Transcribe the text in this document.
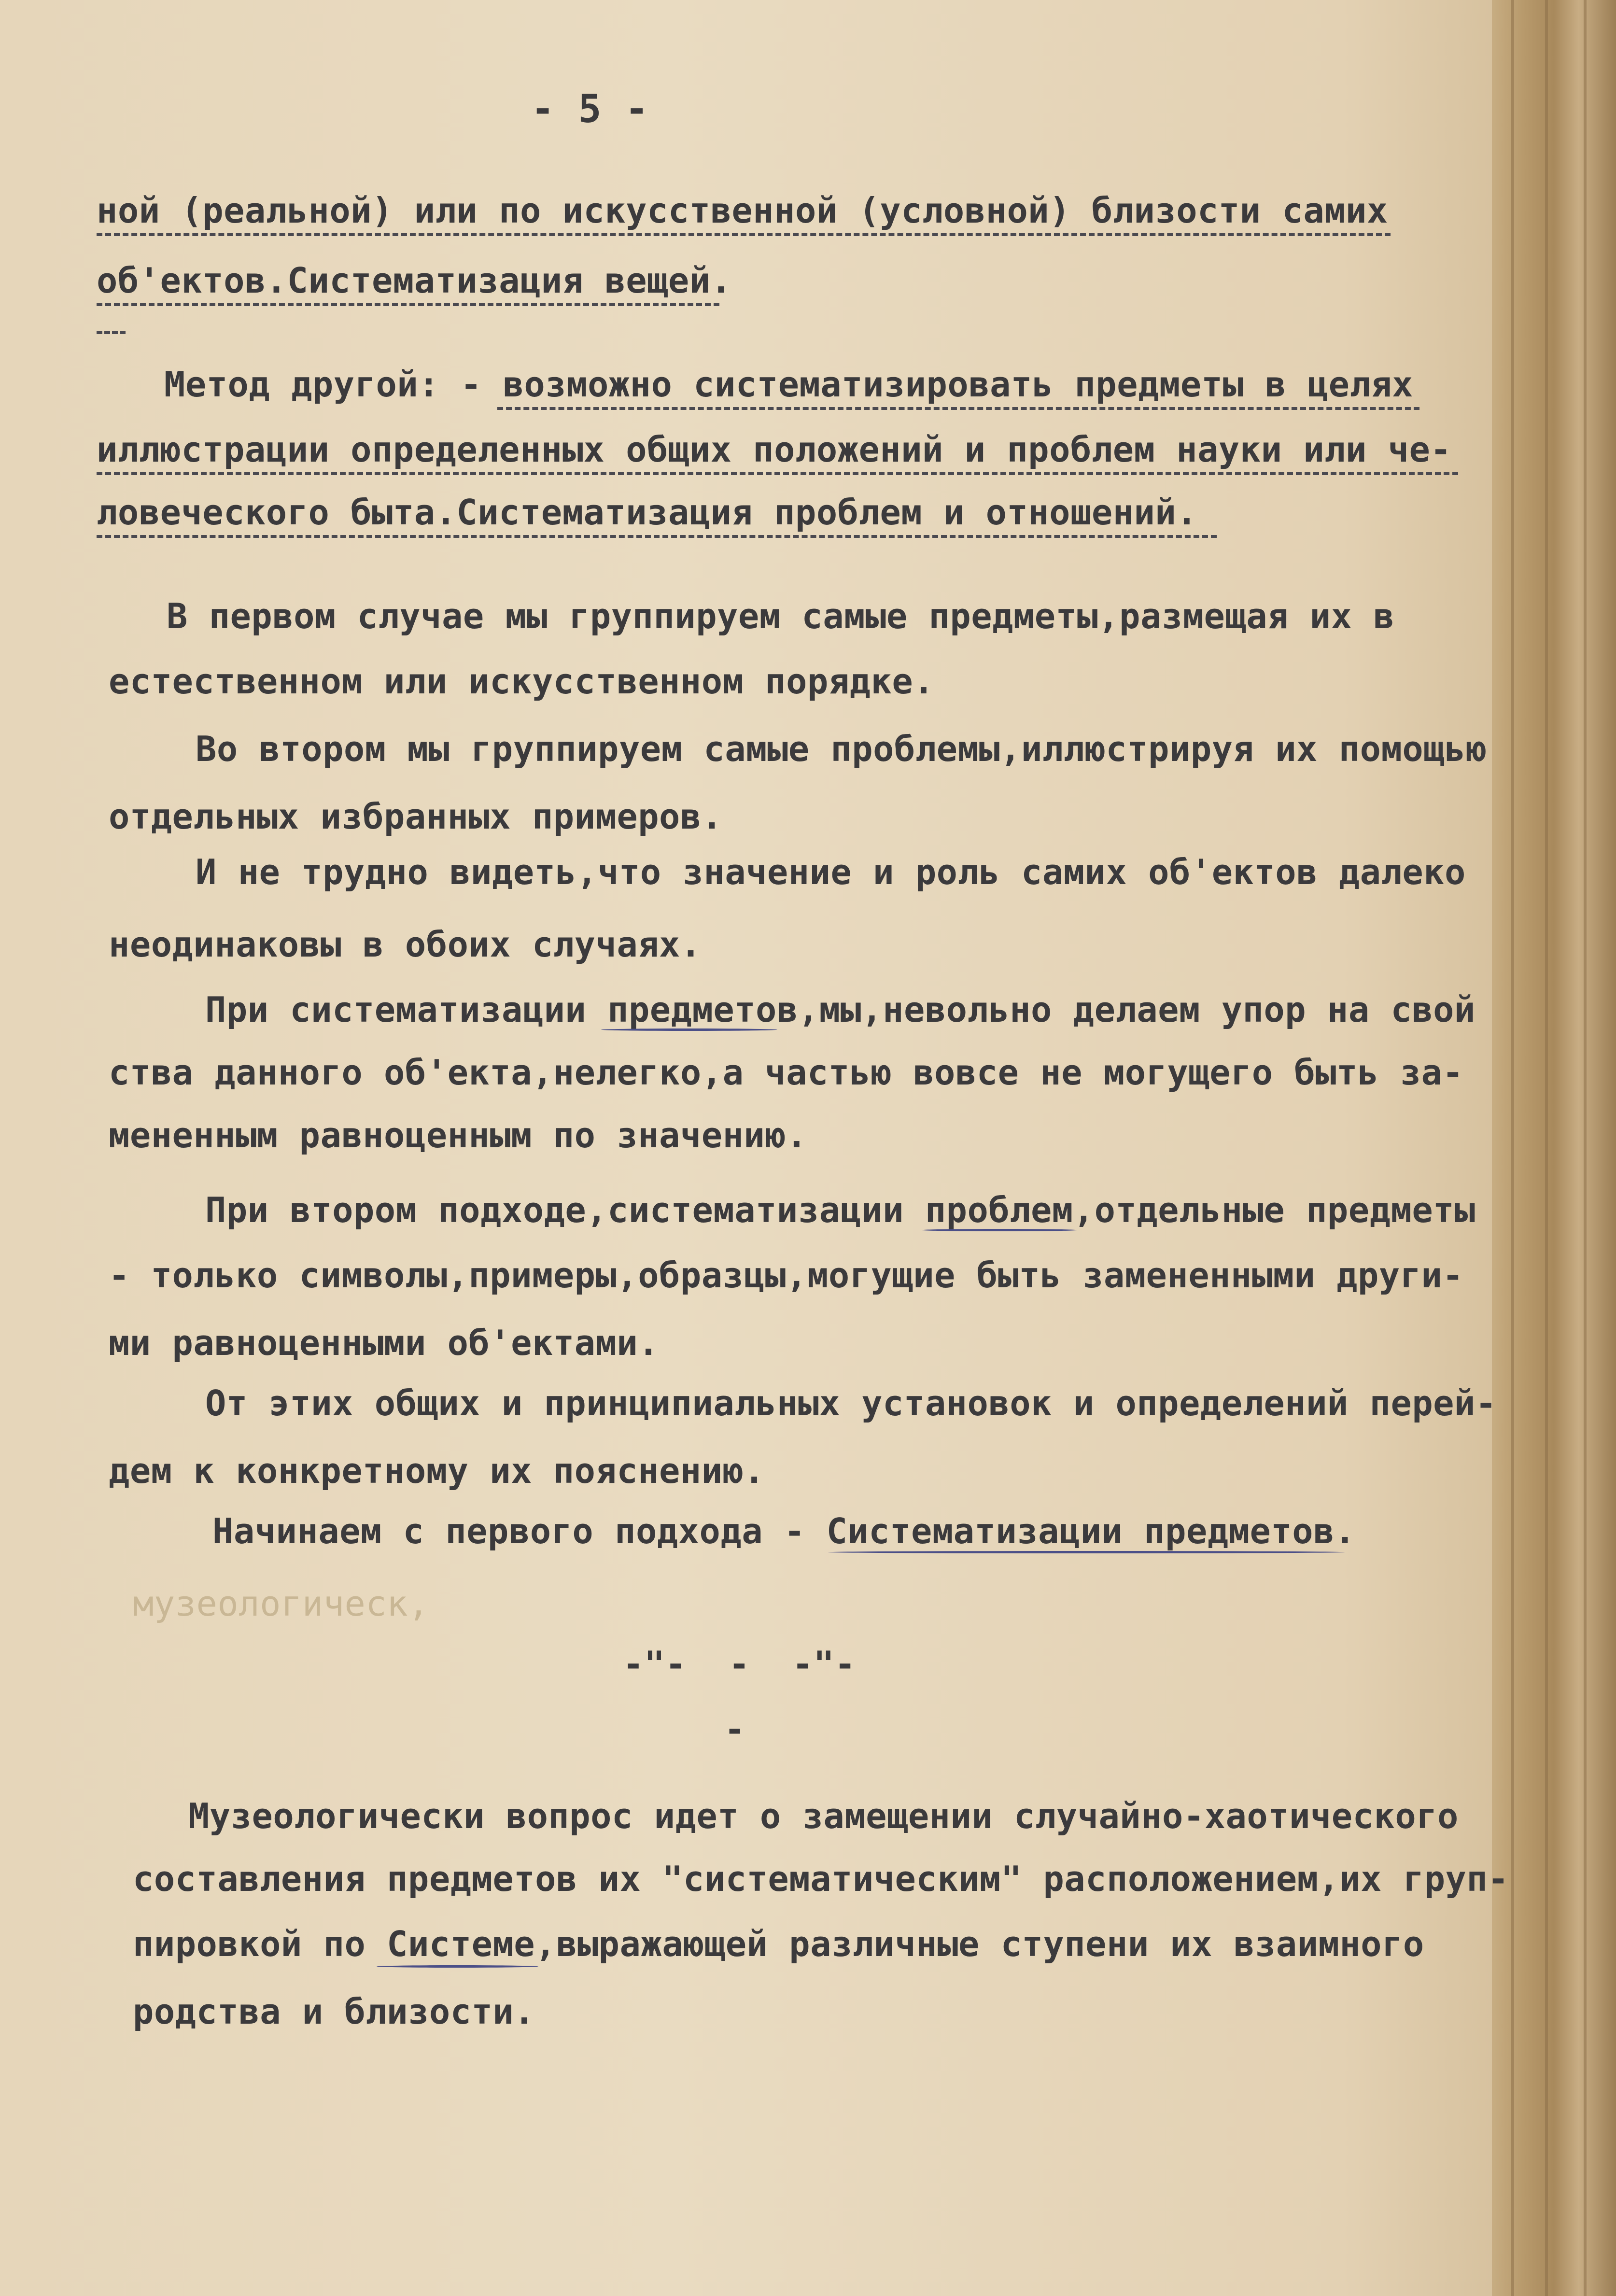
- 5 -
ной (реальной) или по искусственной (условной) близости самих
об'ектов.Систематизация вещей.
Метод другой: - возможно систематизировать предметы в целях
иллюстрации определенных общих положений и проблем науки или че-
ловеческого быта.Систематизация проблем и отношений.
В первом случае мы группируем самые предметы,размещая их в
естественном или искусственном порядке.
Во втором мы группируем самые проблемы,иллюстрируя их помощью
отдельных избранных примеров.
И не трудно видеть,что значение и роль самих об'ектов далеко
неодинаковы в обоих случаях.
При систематизации предметов,мы,невольно делаем упор на свой
ства данного об'екта,нелегко,а частью вовсе не могущего быть за-
мененным равноценным по значению.
При втором подходе,систематизации проблем,отдельные предметы
- только символы,примеры,образцы,могущие быть замененными други-
ми равноценными об'ектами.
От этих общих и принципиальных установок и определений перей-
дем к конкретному их пояснению.
Начинаем с первого подхода - Систематизации предметов.
музеологическ,
-"-  -  -"-
-
Музеологически вопрос идет о замещении случайно-хаотического
составления предметов их "систематическим" расположением,их груп-
пировкой по Системе,выражающей различные ступени их взаимного
родства и близости.
